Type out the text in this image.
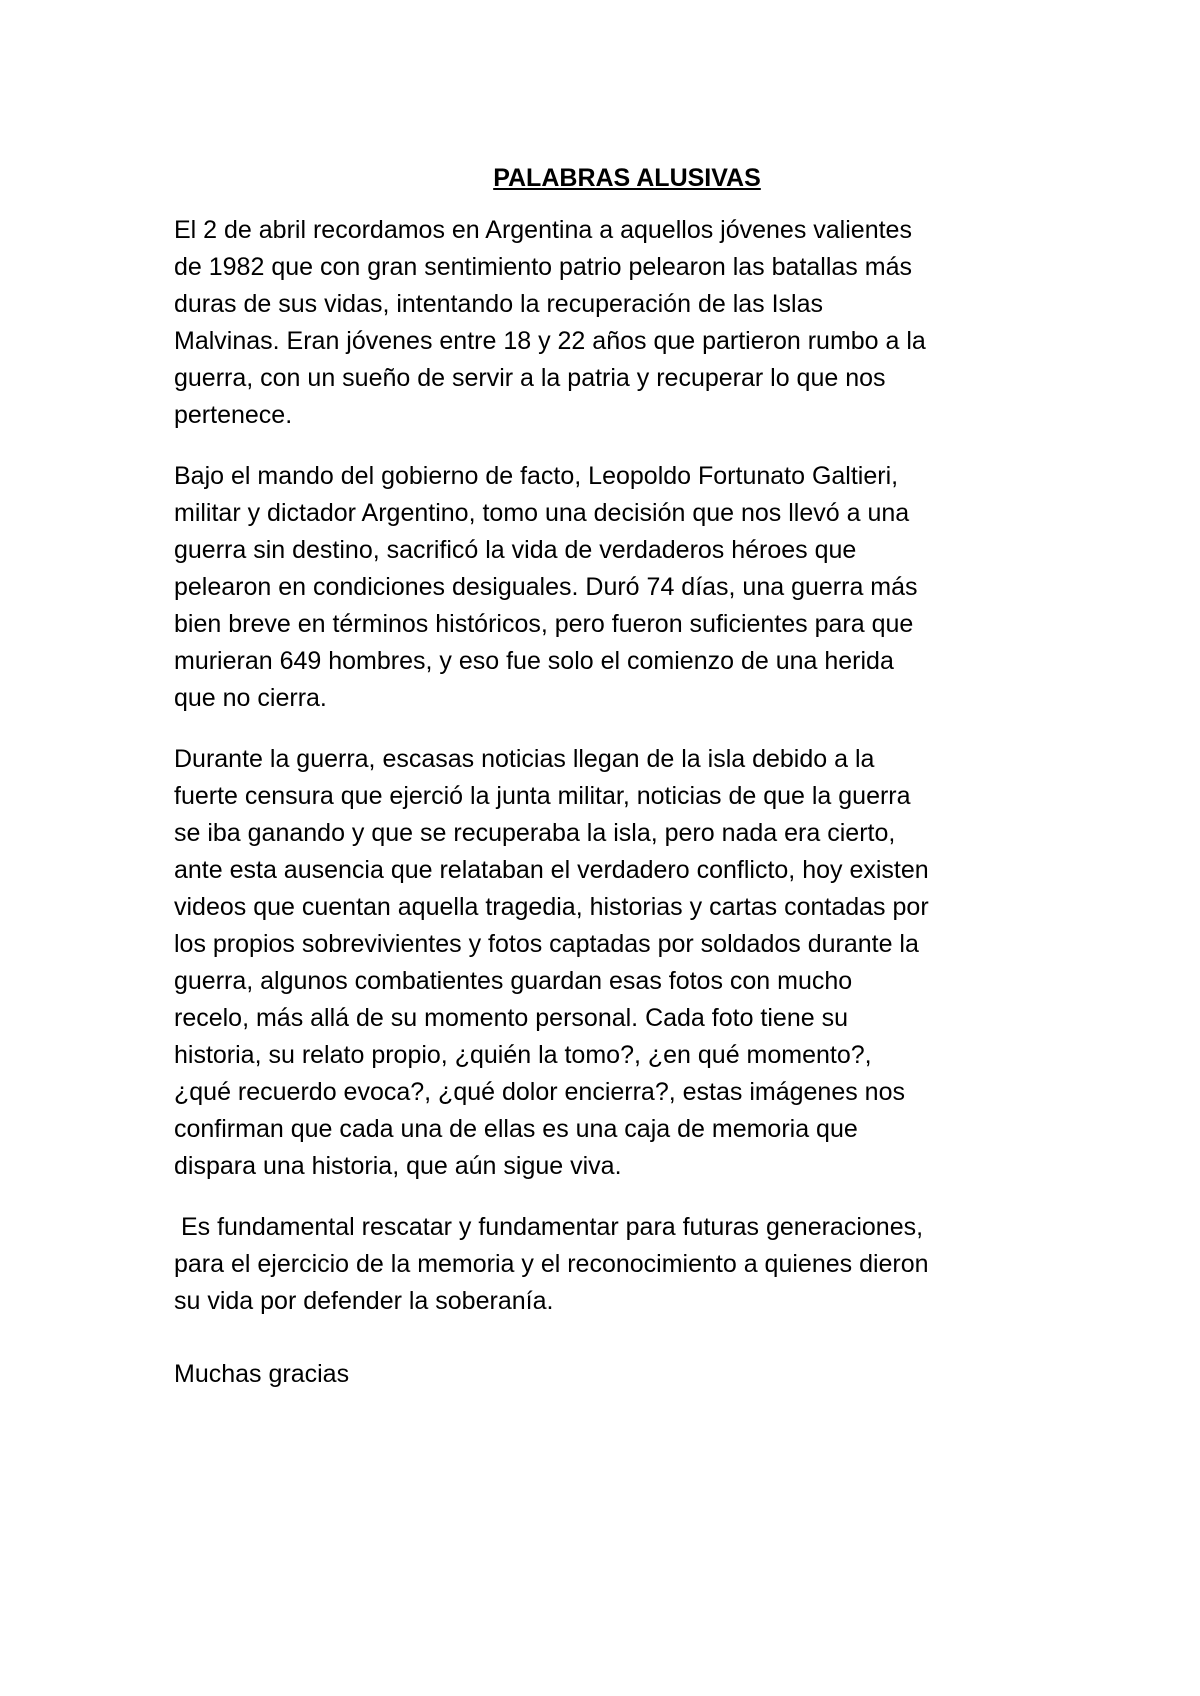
PALABRAS ALUSIVAS

El 2 de abril recordamos en Argentina a aquellos jóvenes valientes
de 1982 que con gran sentimiento patrio pelearon las batallas más
duras de sus vidas, intentando la recuperación de las Islas
Malvinas. Eran jóvenes entre 18 y 22 años que partieron rumbo a la
guerra, con un sueño de servir a la patria y recuperar lo que nos
pertenece.

Bajo el mando del gobierno de facto, Leopoldo Fortunato Galtieri,
militar y dictador Argentino, tomo una decisión que nos llevó a una
guerra sin destino, sacrificó la vida de verdaderos héroes que
pelearon en condiciones desiguales. Duró 74 días, una guerra más
bien breve en términos históricos, pero fueron suficientes para que
murieran 649 hombres, y eso fue solo el comienzo de una herida
que no cierra.

Durante la guerra, escasas noticias llegan de la isla debido a la
fuerte censura que ejerció la junta militar, noticias de que la guerra
se iba ganando y que se recuperaba la isla, pero nada era cierto,
ante esta ausencia que relataban el verdadero conflicto, hoy existen
videos que cuentan aquella tragedia, historias y cartas contadas por
los propios sobrevivientes y fotos captadas por soldados durante la
guerra, algunos combatientes guardan esas fotos con mucho
recelo, más allá de su momento personal. Cada foto tiene su
historia, su relato propio, ¿quién la tomo?, ¿en qué momento?,
¿qué recuerdo evoca?, ¿qué dolor encierra?, estas imágenes nos
confirman que cada una de ellas es una caja de memoria que
dispara una historia, que aún sigue viva.

Es fundamental rescatar y fundamentar para futuras generaciones,
para el ejercicio de la memoria y el reconocimiento a quienes dieron
su vida por defender la soberanía.

Muchas gracias
